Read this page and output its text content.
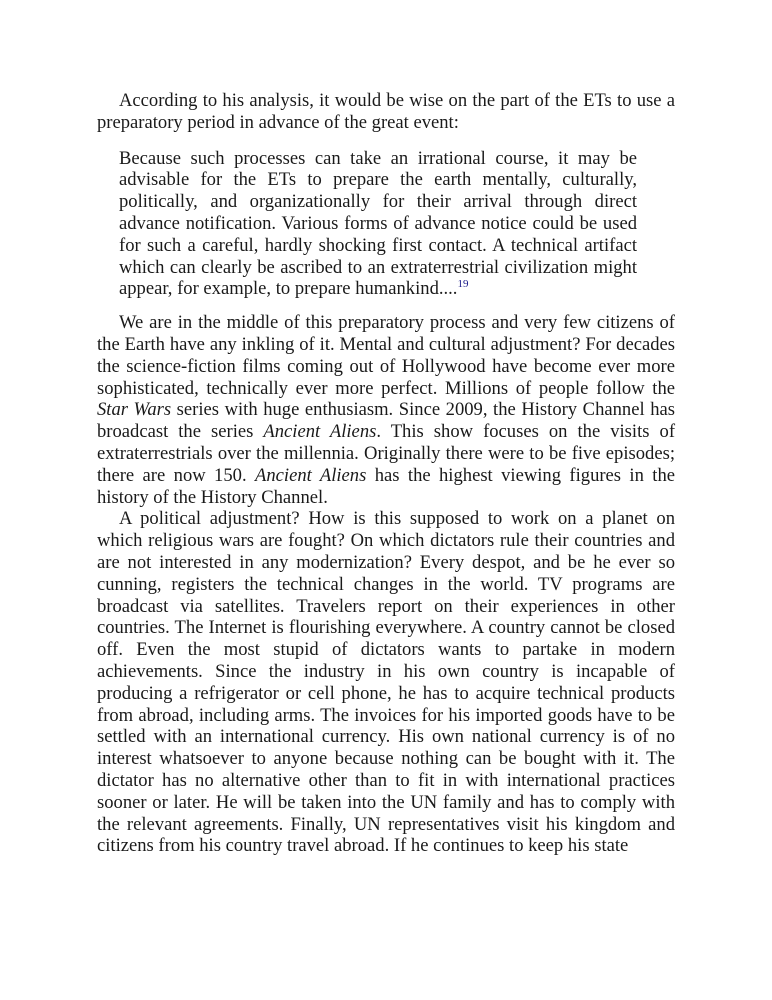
According to his analysis, it would be wise on the part of the ETs to use a preparatory period in advance of the great event:

Because such processes can take an irrational course, it may be advisable for the ETs to prepare the earth mentally, culturally, politically, and organizationally for their arrival through direct advance notification. Various forms of advance notice could be used for such a careful, hardly shocking first contact. A technical artifact which can clearly be ascribed to an extraterrestrial civilization might appear, for example, to prepare humankind....$^{19}$

We are in the middle of this preparatory process and very few citizens of the Earth have any inkling of it. Mental and cultural adjustment? For decades the science-fiction films coming out of Hollywood have become ever more sophisticated, technically ever more perfect. Millions of people follow the Star Wars series with huge enthusiasm. Since 2009, the History Channel has broadcast the series Ancient Aliens. This show focuses on the visits of extraterrestrials over the millennia. Originally there were to be five episodes; there are now 150. Ancient Aliens has the highest viewing figures in the history of the History Channel.

A political adjustment? How is this supposed to work on a planet on which religious wars are fought? On which dictators rule their countries and are not interested in any modernization? Every despot, and be he ever so cunning, registers the technical changes in the world. TV programs are broadcast via satellites. Travelers report on their experiences in other countries. The Internet is flourishing everywhere. A country cannot be closed off. Even the most stupid of dictators wants to partake in modern achievements. Since the industry in his own country is incapable of producing a refrigerator or cell phone, he has to acquire technical products from abroad, including arms. The invoices for his imported goods have to be settled with an international currency. His own national currency is of no interest whatsoever to anyone because nothing can be bought with it. The dictator has no alternative other than to fit in with international practices sooner or later. He will be taken into the UN family and has to comply with the relevant agreements. Finally, UN representatives visit his kingdom and citizens from his country travel abroad. If he continues to keep his state
